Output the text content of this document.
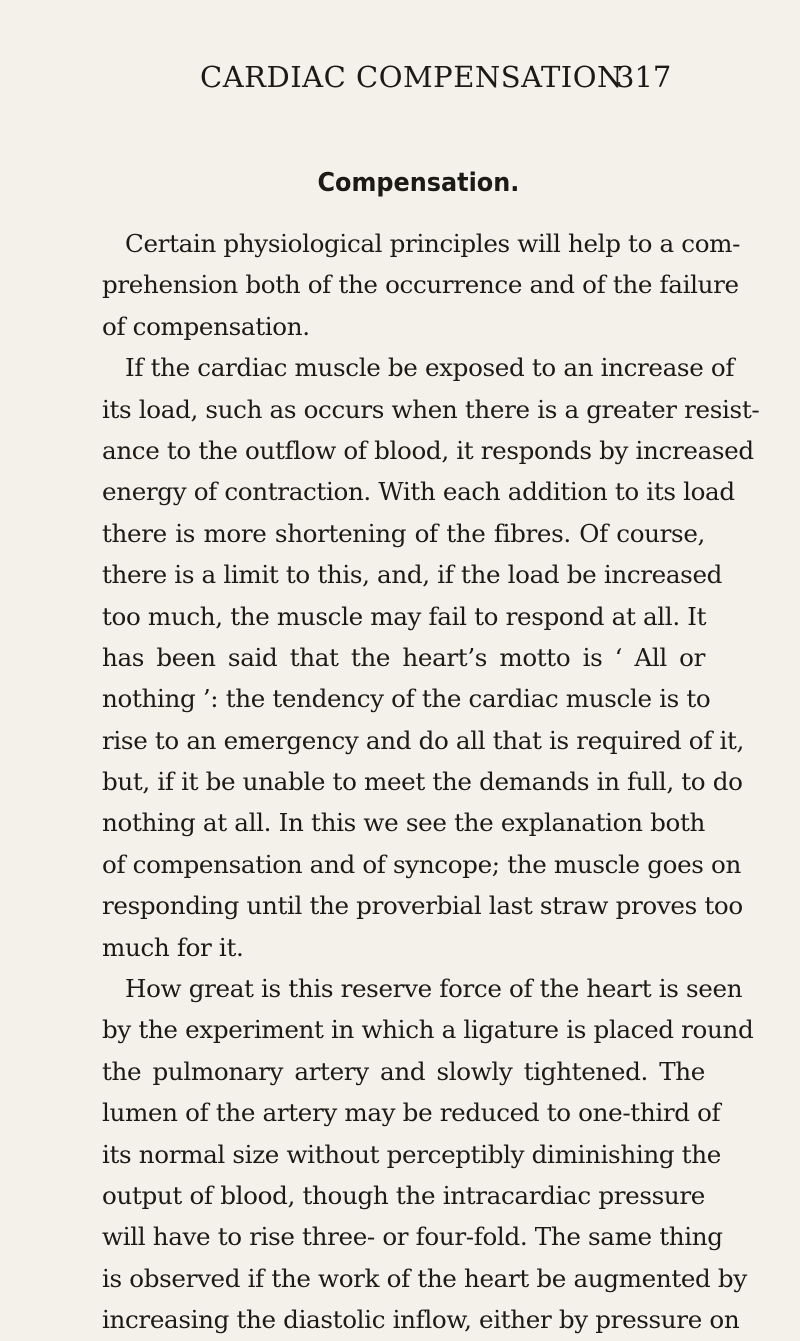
CARDIAC COMPENSATION
317
Compensation.
Certain physiological principles will help to a com-
prehension both of the occurrence and of the failure
of compensation.
If the cardiac muscle be exposed to an increase of
its load, such as occurs when there is a greater resist-
ance to the outflow of blood, it responds by increased
energy of contraction. With each addition to its load
there is more shortening of the fibres. Of course,
there is a limit to this, and, if the load be increased
too much, the muscle may fail to respond at all. It
has been said that the heart’s motto is ‘ All or
nothing ’: the tendency of the cardiac muscle is to
rise to an emergency and do all that is required of it,
but, if it be unable to meet the demands in full, to do
nothing at all. In this we see the explanation both
of compensation and of syncope; the muscle goes on
responding until the proverbial last straw proves too
much for it.
How great is this reserve force of the heart is seen
by the experiment in which a ligature is placed round
the pulmonary artery and slowly tightened. The
lumen of the artery may be reduced to one-third of
its normal size without perceptibly diminishing the
output of blood, though the intracardiac pressure
will have to rise three- or four-fold. The same thing
is observed if the work of the heart be augmented by
increasing the diastolic inflow, either by pressure on
